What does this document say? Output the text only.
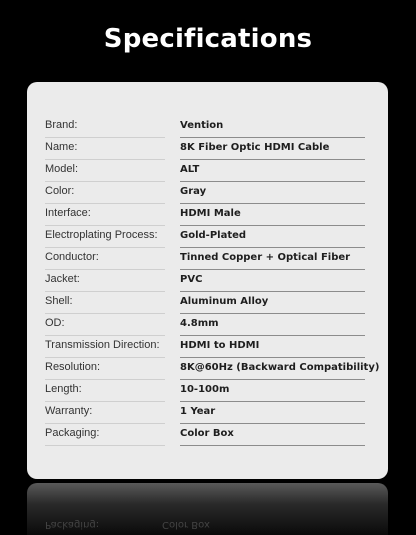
Specifications
Brand:	Vention
Name:	8K Fiber Optic HDMI Cable
Model:	ALT
Color:	Gray
Interface:	HDMI Male
Electroplating Process:	Gold-Plated
Conductor:	Tinned Copper + Optical Fiber
Jacket:	PVC
Shell:	Aluminum Alloy
OD:	4.8mm
Transmission Direction:	HDMI to HDMI
Resolution:	8K@60Hz (Backward Compatibility)
Length:	10-100m
Warranty:	1 Year
Packaging:	Color Box
Packaging:	Color Box
